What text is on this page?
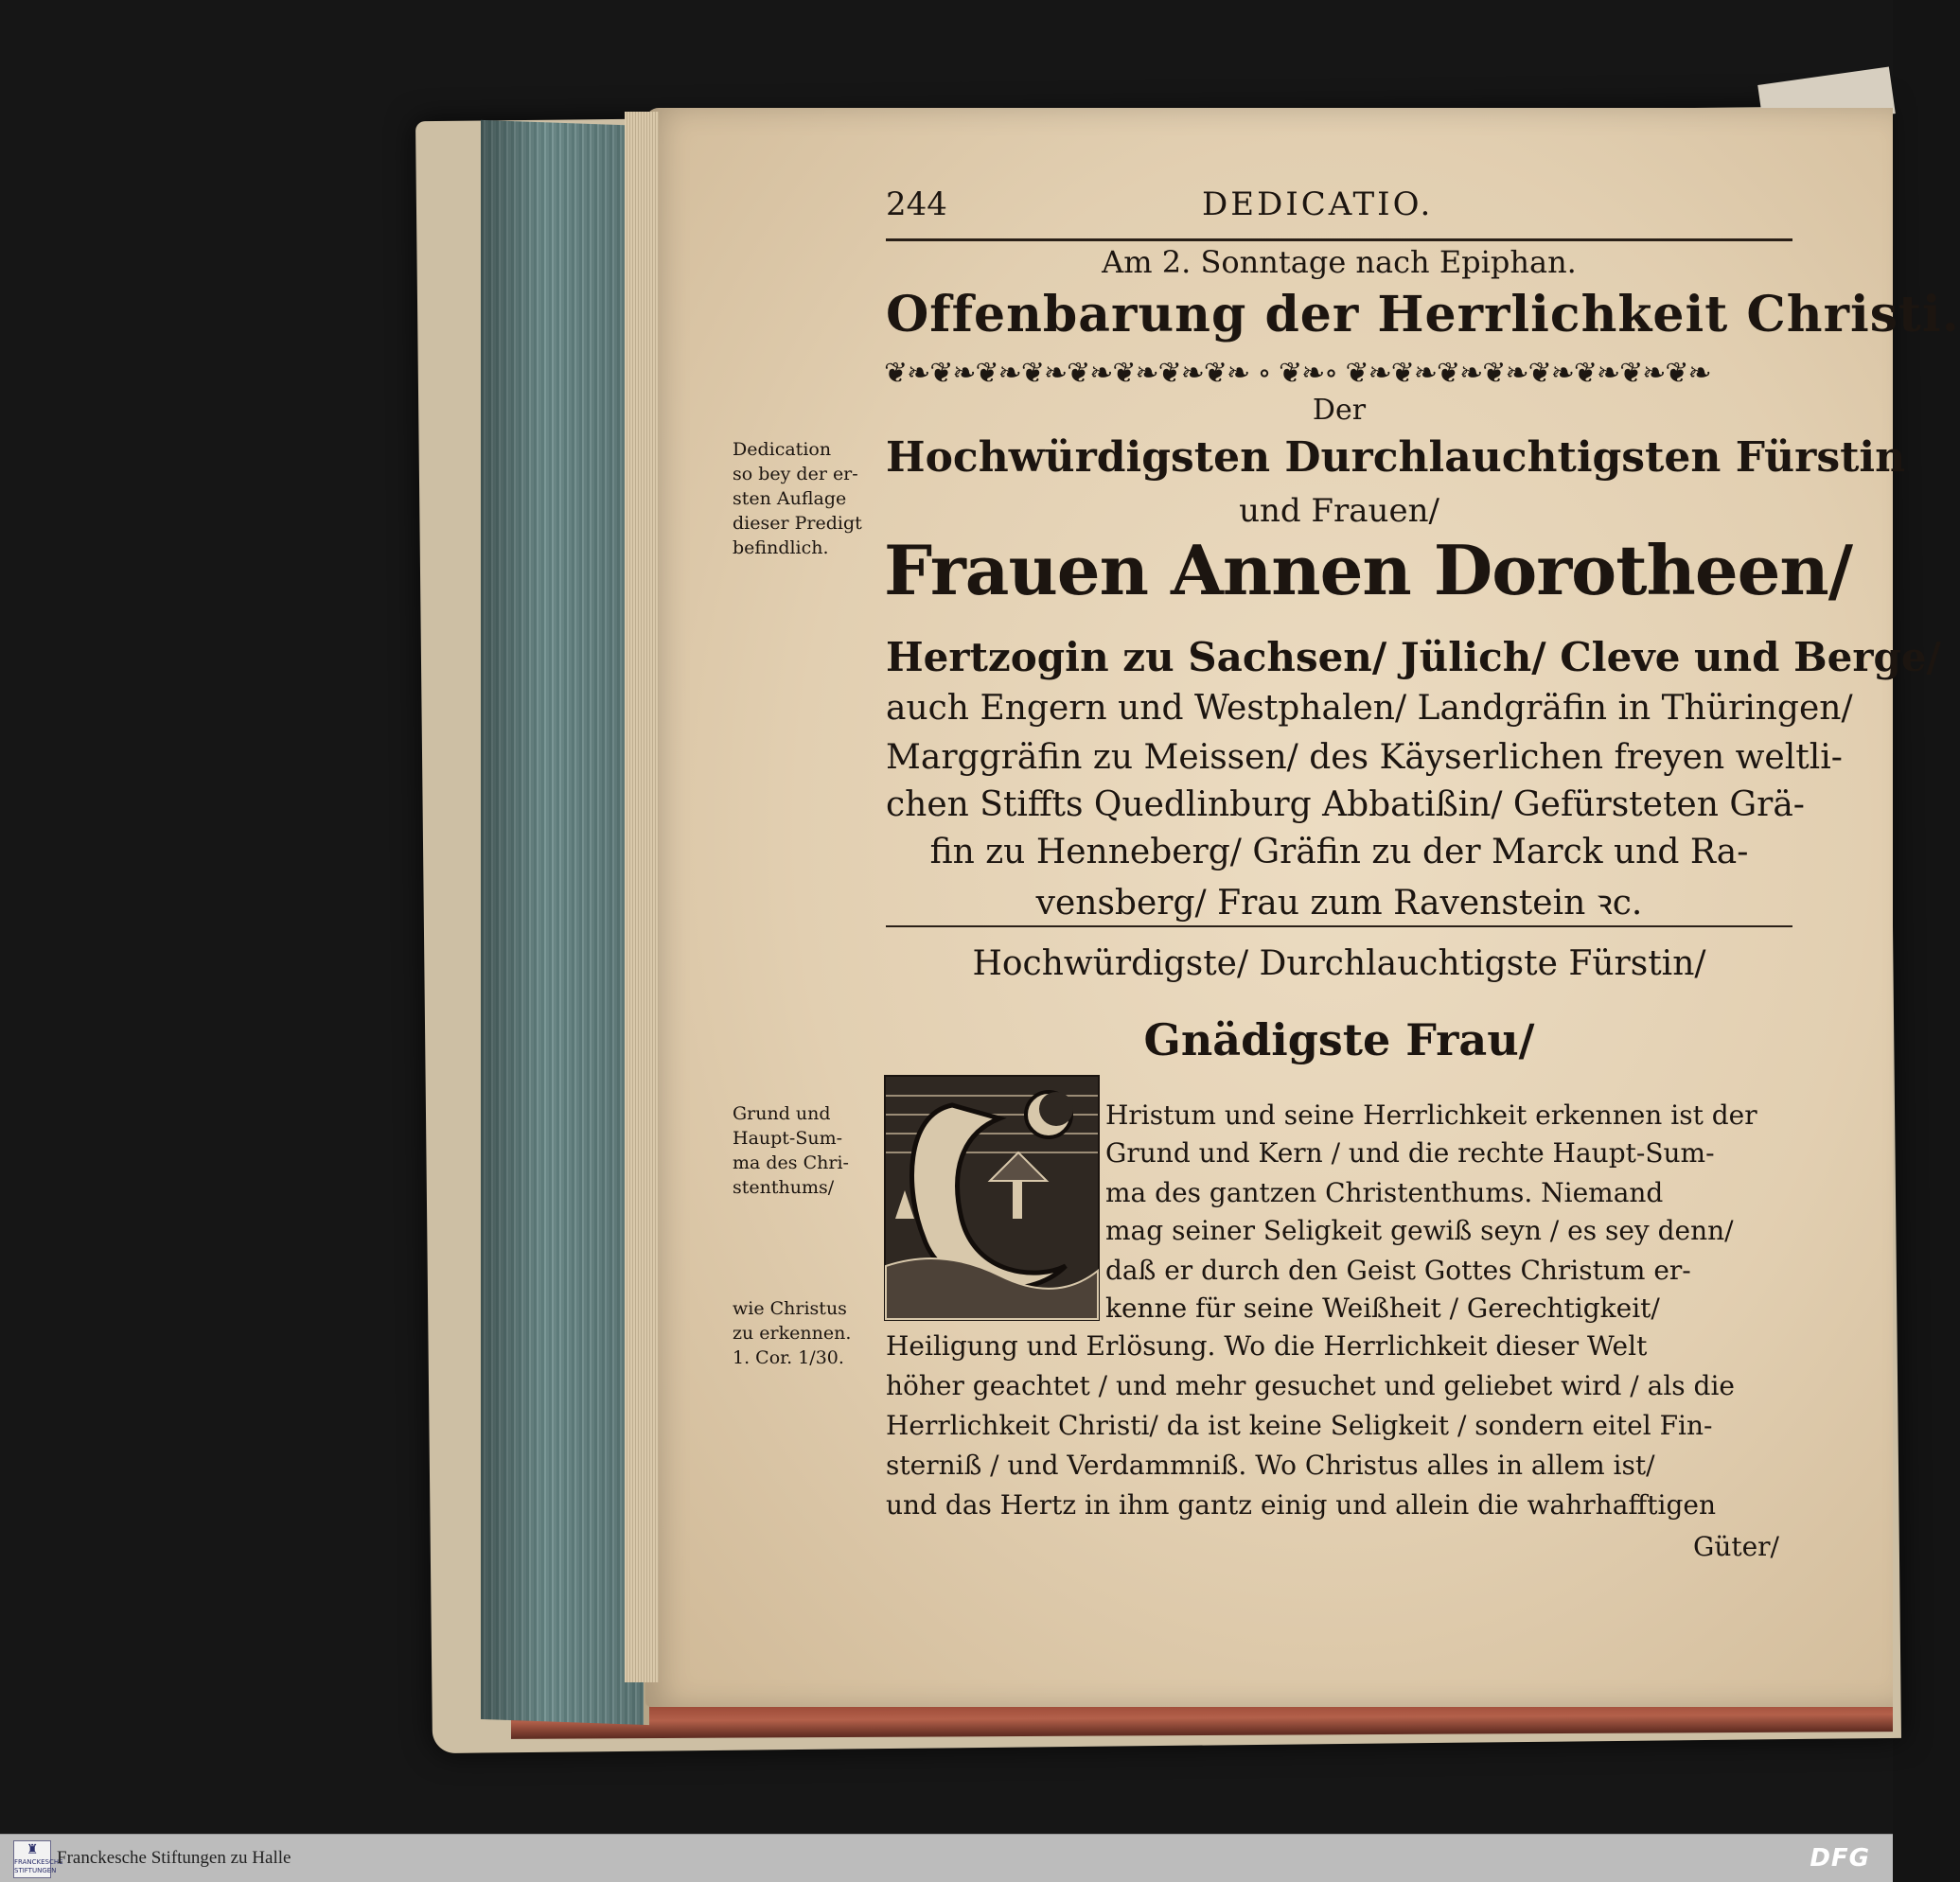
244	DEDICATIO.
Am 2. Sonntage nach Epiphan.
Offenbarung der Herrlichkeit Christi.
❦❧❦❧❦❧❦❧❦❧❦❧❦❧❦❧ ∘ ❦❧∘ ❦❧❦❧❦❧❦❧❦❧❦❧❦❧❦❧
Der
Hochwürdigsten Durchlauchtigsten Fürstin
und Frauen/
Frauen Annen Dorotheen/
Hertzogin zu Sachsen/ Jülich/ Cleve und Berge/
auch Engern und Westphalen/ Landgräfin in Thüringen/
Marggräfin zu Meissen/ des Käyserlichen freyen weltli-
chen Stiffts Quedlinburg Abbatißin/ Gefürsteten Grä-
fin zu Henneberg/ Gräfin zu der Marck und Ra-
vensberg/ Frau zum Ravenstein ꝛc.
Hochwürdigste/ Durchlauchtigste Fürstin/
Gnädigste Frau/
Hristum und seine Herrlichkeit erkennen ist der
Grund und Kern / und die rechte Haupt-Sum-
ma des gantzen Christenthums. Niemand
mag seiner Seligkeit gewiß seyn / es sey denn/
daß er durch den Geist Gottes Christum er-
kenne für seine Weißheit / Gerechtigkeit/
Heiligung und Erlösung. Wo die Herrlichkeit dieser Welt
höher geachtet / und mehr gesuchet und geliebet wird / als die
Herrlichkeit Christi/ da ist keine Seligkeit / sondern eitel Fin-
sterniß / und Verdammniß. Wo Christus alles in allem ist/
und das Hertz in ihm gantz einig und allein die wahrhafftigen
Güter/
Dedication
so bey der er-
sten Auflage
dieser Predigt
befindlich.
Grund und
Haupt-Sum-
ma des Chri-
stenthums/
wie Christus
zu erkennen.
1. Cor. 1/30.
♜
FRANCKESCHE STIFTUNGEN
Franckesche Stiftungen zu Halle	DFG
